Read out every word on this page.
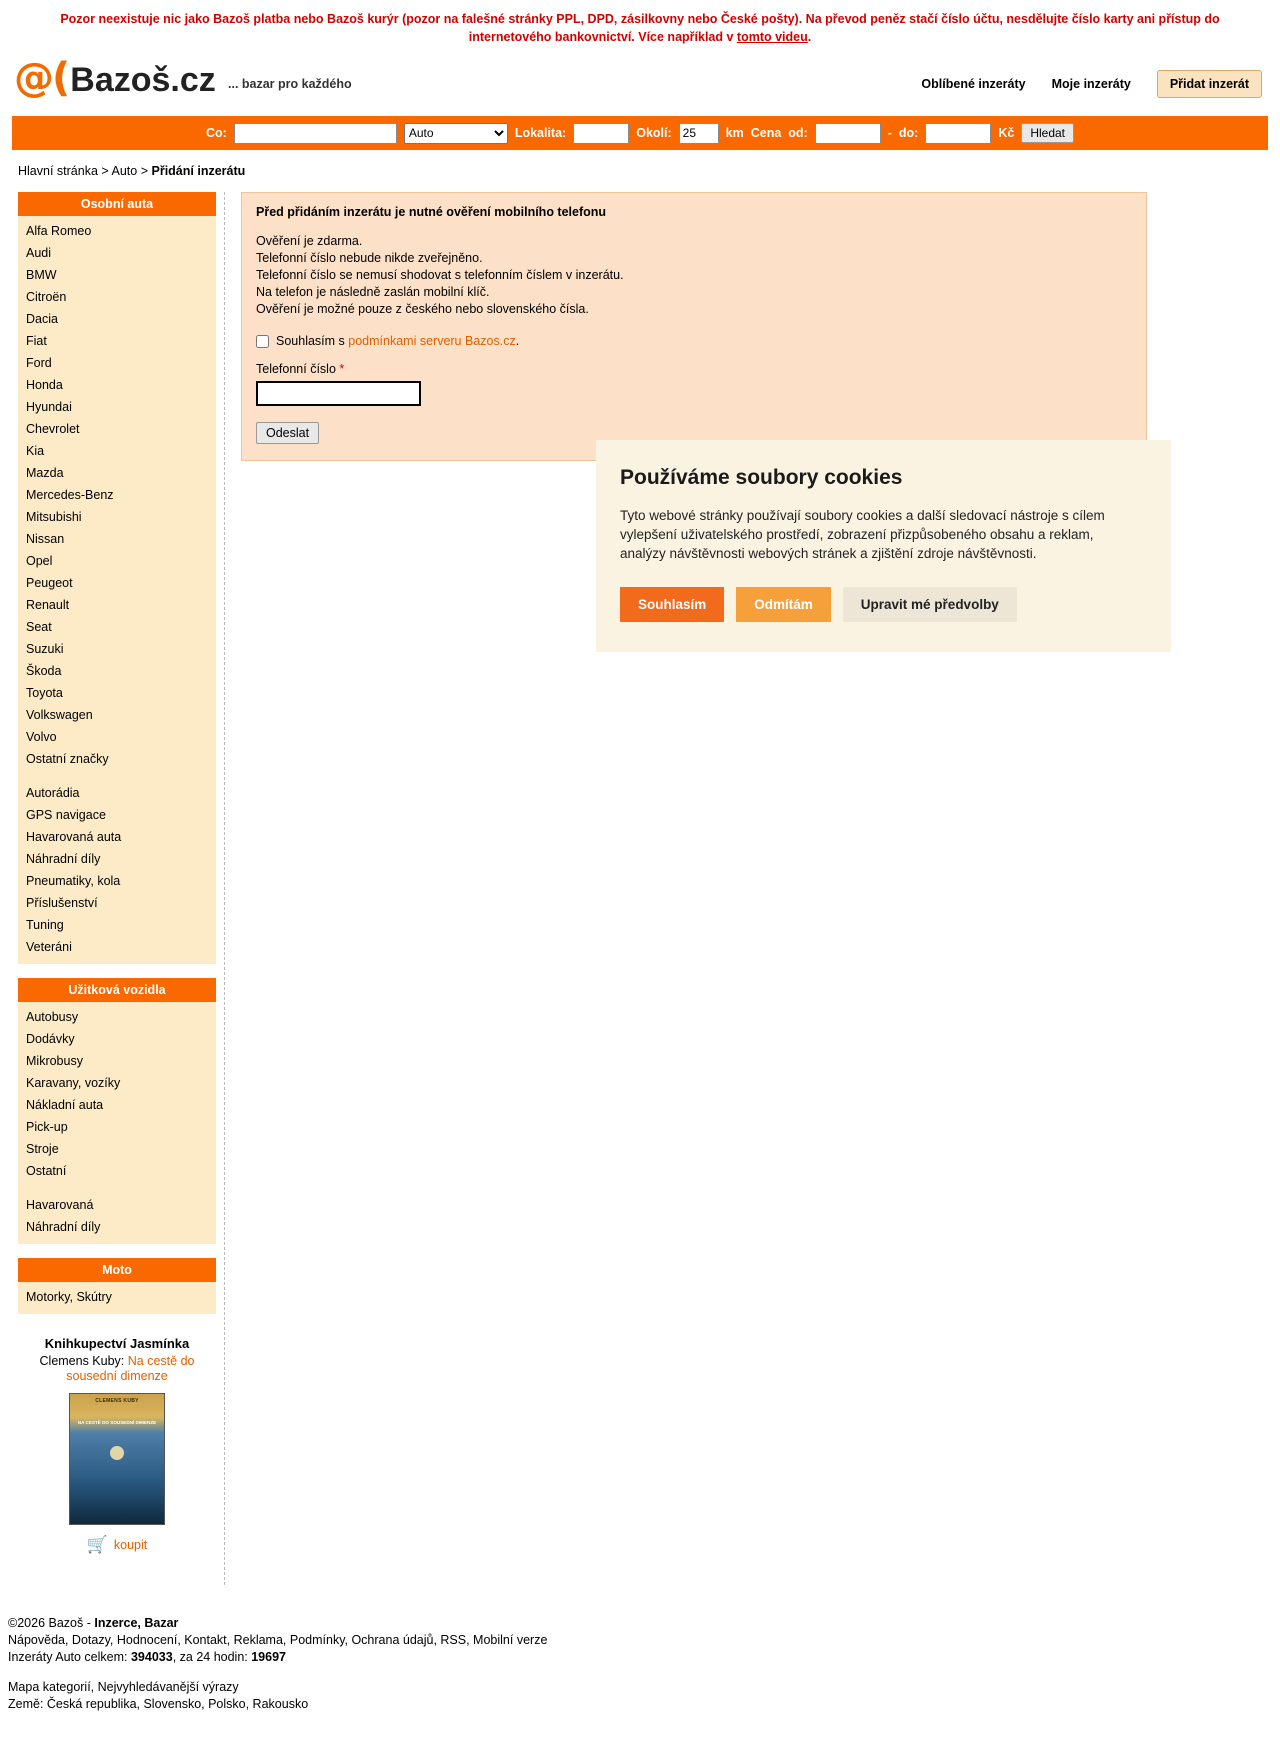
Pozor neexistuje nic jako Bazoš platba nebo Bazoš kurýr (pozor na falešné stránky PPL, DPD, zásilkovny nebo České pošty). Na převod peněz stačí číslo účtu, nesdělujte číslo karty ani přístup do internetového bankovnictví. Více například v tomto videu.
@( Bazoš.cz ... bazar pro každého	Oblíbené inzeráty Moje inzeráty	Přidat inzerát
Co:
Auto	Lokalita:	Okolí:
25	km Cena od:	- do:	Kč	Hledat
Hlavní stránka > Auto > Přidání inzerátu
Osobní auta
Alfa Romeo
Audi
BMW
Citroën
Dacia
Fiat
Ford
Honda
Hyundai
Chevrolet
Kia
Mazda
Mercedes-Benz
Mitsubishi
Nissan
Opel
Peugeot
Renault
Seat
Suzuki
Škoda
Toyota
Volkswagen
Volvo
Ostatní značky
Autorádia
GPS navigace
Havarovaná auta
Náhradní díly
Pneumatiky, kola
Příslušenství
Tuning
Veteráni
Užitková vozidla
Autobusy
Dodávky
Mikrobusy
Karavany, vozíky
Nákladní auta
Pick-up
Stroje
Ostatní
Havarovaná
Náhradní díly
Moto
Motorky, Skútry
Knihkupectví Jasmínka
Clemens Kuby: Na cestě do sousední dimenze
CLEMENS KUBY
NA CESTĚ DO SOUSEDNÍ DIMENZE
🛒 koupit
Před přidáním inzerátu je nutné ověření mobilního telefonu
Ověření je zdarma.
Telefonní číslo nebude nikde zveřejněno.
Telefonní číslo se nemusí shodovat s telefonním číslem v inzerátu.
Na telefon je následně zaslán mobilní klíč.
Ověření je možné pouze z českého nebo slovenského čísla.
Souhlasím s podmínkami serveru Bazos.cz.
Telefonní číslo *
Odeslat
Používáme soubory cookies

Tyto webové stránky používají soubory cookies a další sledovací nástroje s cílem vylepšení uživatelského prostředí, zobrazení přizpůsobeného obsahu a reklam, analýzy návštěvnosti webových stránek a zjištění zdroje návštěvnosti.

Souhlasím	Odmítám	Upravit mé předvolby
©2026 Bazoš - Inzerce, Bazar
Nápověda, Dotazy, Hodnocení, Kontakt, Reklama, Podmínky, Ochrana údajů, RSS, Mobilní verze
Inzeráty Auto celkem: 394033, za 24 hodin: 19697
Mapa kategorií, Nejvyhledávanější výrazy
Země: Česká republika, Slovensko, Polsko, Rakousko
